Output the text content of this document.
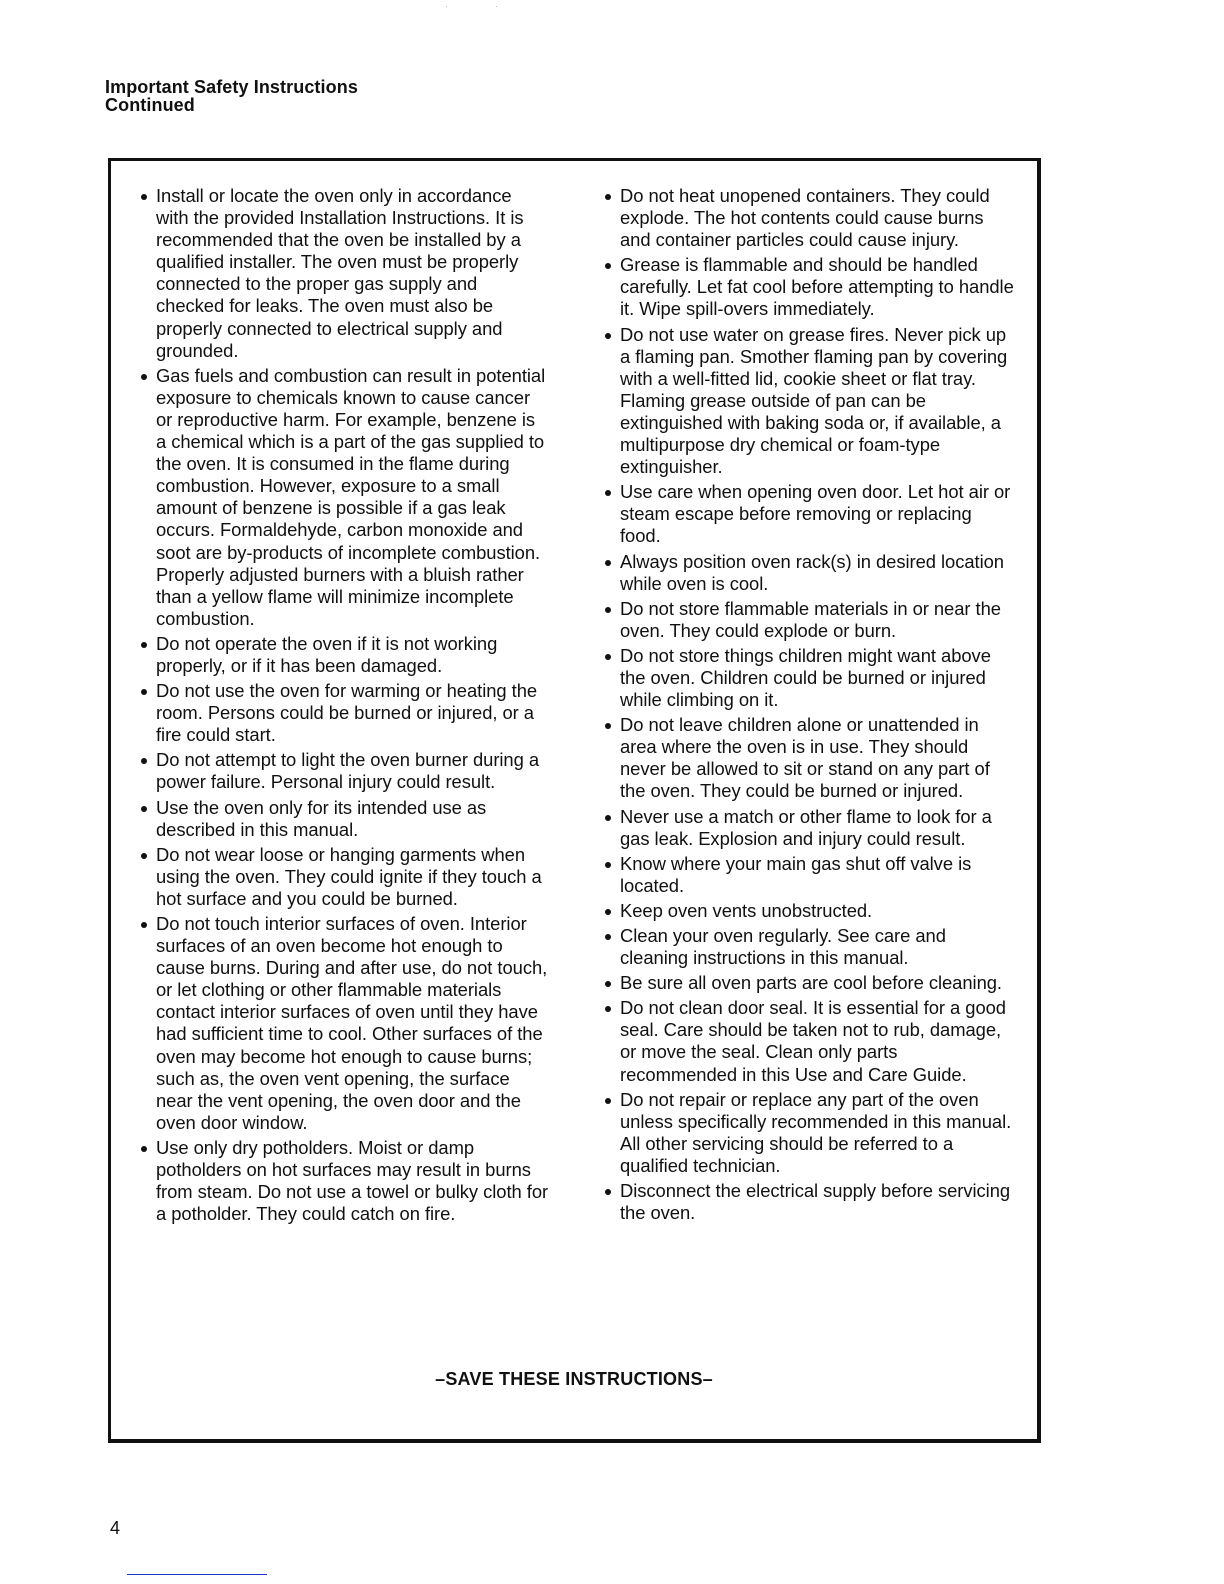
Important Safety Instructions
Continued
Install or locate the oven only in accordance with the provided Installation Instructions. It is recommended that the oven be installed by a qualified installer. The oven must be properly connected to the proper gas supply and checked for leaks. The oven must also be properly connected to electrical supply and grounded.
Gas fuels and combustion can result in potential exposure to chemicals known to cause cancer or reproductive harm. For example, benzene is a chemical which is a part of the gas supplied to the oven. It is consumed in the flame during combustion. However, exposure to a small amount of benzene is possible if a gas leak occurs. Formaldehyde, carbon monoxide and soot are by-products of incomplete combustion. Properly adjusted burners with a bluish rather than a yellow flame will minimize incomplete combustion.
Do not operate the oven if it is not working properly, or if it has been damaged.
Do not use the oven for warming or heating the room. Persons could be burned or injured, or a fire could start.
Do not attempt to light the oven burner during a power failure. Personal injury could result.
Use the oven only for its intended use as described in this manual.
Do not wear loose or hanging garments when using the oven. They could ignite if they touch a hot surface and you could be burned.
Do not touch interior surfaces of oven. Interior surfaces of an oven become hot enough to cause burns. During and after use, do not touch, or let clothing or other flammable materials contact interior surfaces of oven until they have had sufficient time to cool. Other surfaces of the oven may become hot enough to cause burns; such as, the oven vent opening, the surface near the vent opening, the oven door and the oven door window.
Use only dry potholders. Moist or damp potholders on hot surfaces may result in burns from steam. Do not use a towel or bulky cloth for a potholder. They could catch on fire.
Do not heat unopened containers. They could explode. The hot contents could cause burns and container particles could cause injury.
Grease is flammable and should be handled carefully. Let fat cool before attempting to handle it. Wipe spill-overs immediately.
Do not use water on grease fires. Never pick up a flaming pan. Smother flaming pan by covering with a well-fitted lid, cookie sheet or flat tray. Flaming grease outside of pan can be extinguished with baking soda or, if available, a multipurpose dry chemical or foam-type extinguisher.
Use care when opening oven door. Let hot air or steam escape before removing or replacing food.
Always position oven rack(s) in desired location while oven is cool.
Do not store flammable materials in or near the oven. They could explode or burn.
Do not store things children might want above the oven. Children could be burned or injured while climbing on it.
Do not leave children alone or unattended in area where the oven is in use. They should never be allowed to sit or stand on any part of the oven. They could be burned or injured.
Never use a match or other flame to look for a gas leak. Explosion and injury could result.
Know where your main gas shut off valve is located.
Keep oven vents unobstructed.
Clean your oven regularly. See care and cleaning instructions in this manual.
Be sure all oven parts are cool before cleaning.
Do not clean door seal. It is essential for a good seal. Care should be taken not to rub, damage, or move the seal. Clean only parts recommended in this Use and Care Guide.
Do not repair or replace any part of the oven unless specifically recommended in this manual. All other servicing should be referred to a qualified technician.
Disconnect the electrical supply before servicing the oven.
–SAVE THESE INSTRUCTIONS–
4
